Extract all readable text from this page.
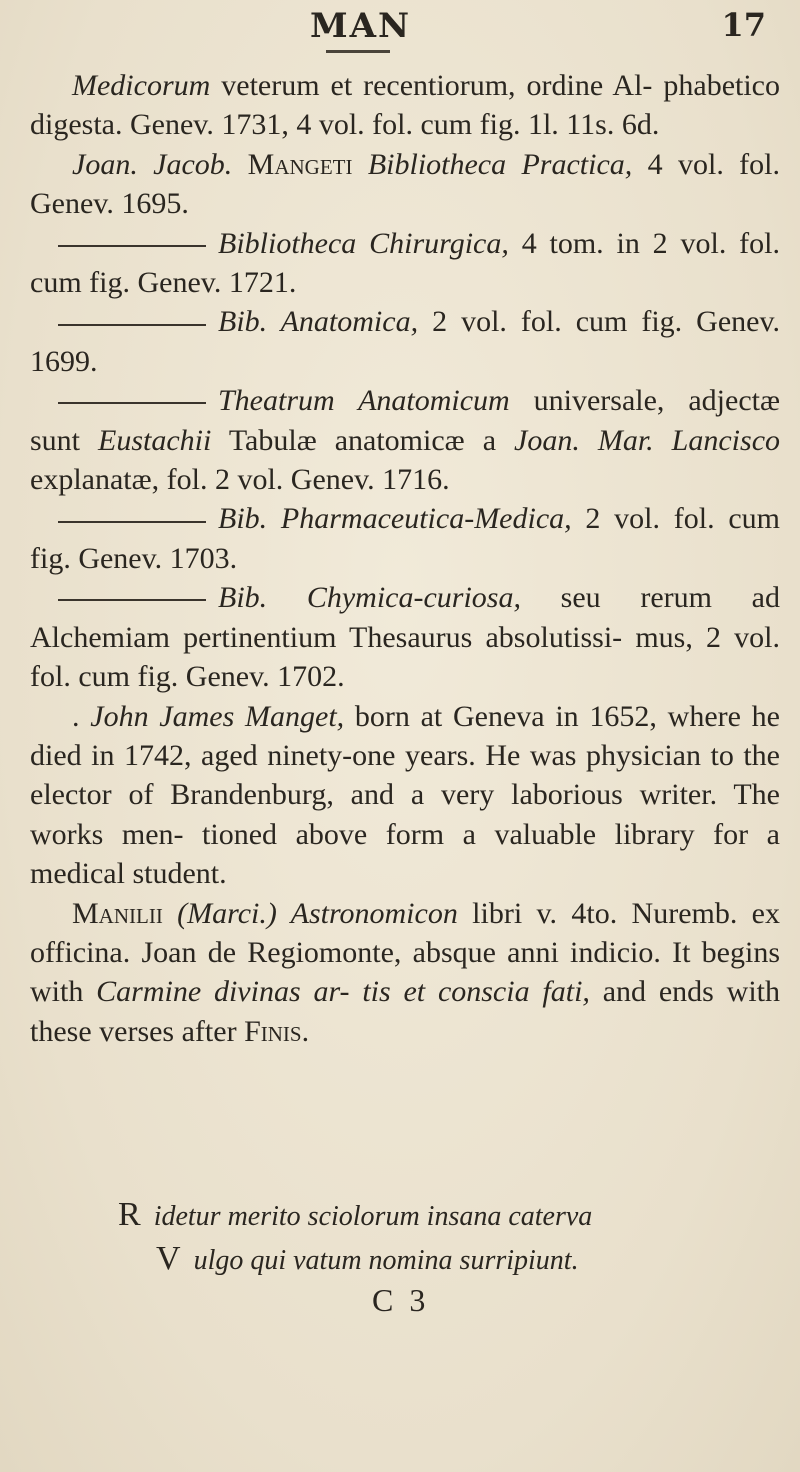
MAN	17

Medicorum veterum et recentiorum, ordine Al- phabetico digesta. Genev. 1731, 4 vol. fol. cum fig. 1l. 11s. 6d.

Joan. Jacob. Mangeti Bibliotheca Practica, 4 vol. fol. Genev. 1695.

Bibliotheca Chirurgica, 4 tom. in 2 vol. fol. cum fig. Genev. 1721.

Bib. Anatomica, 2 vol. fol. cum fig. Genev. 1699.

Theatrum Anatomicum universale, adjectæ sunt Eustachii Tabulæ anatomicæ a Joan. Mar. Lancisco explanatæ, fol. 2 vol. Genev. 1716.

Bib. Pharmaceutica-Medica, 2 vol. fol. cum fig. Genev. 1703.

Bib. Chymica-curiosa, seu rerum ad Alchemiam pertinentium Thesaurus absolutissi- mus, 2 vol. fol. cum fig. Genev. 1702.

. John James Manget, born at Geneva in 1652, where he died in 1742, aged ninety-one years. He was physician to the elector of Brandenburg, and a very laborious writer. The works men- tioned above form a valuable library for a medical student.

Manilii (Marci.) Astronomicon libri v. 4to. Nuremb. ex officina. Joan de Regiomonte, absque anni indicio. It begins with Carmine divinas ar- tis et conscia fati, and ends with these verses after Finis.

R idetur merito sciolorum insana caterva
V ulgo qui vatum nomina surripiunt.
C 3
